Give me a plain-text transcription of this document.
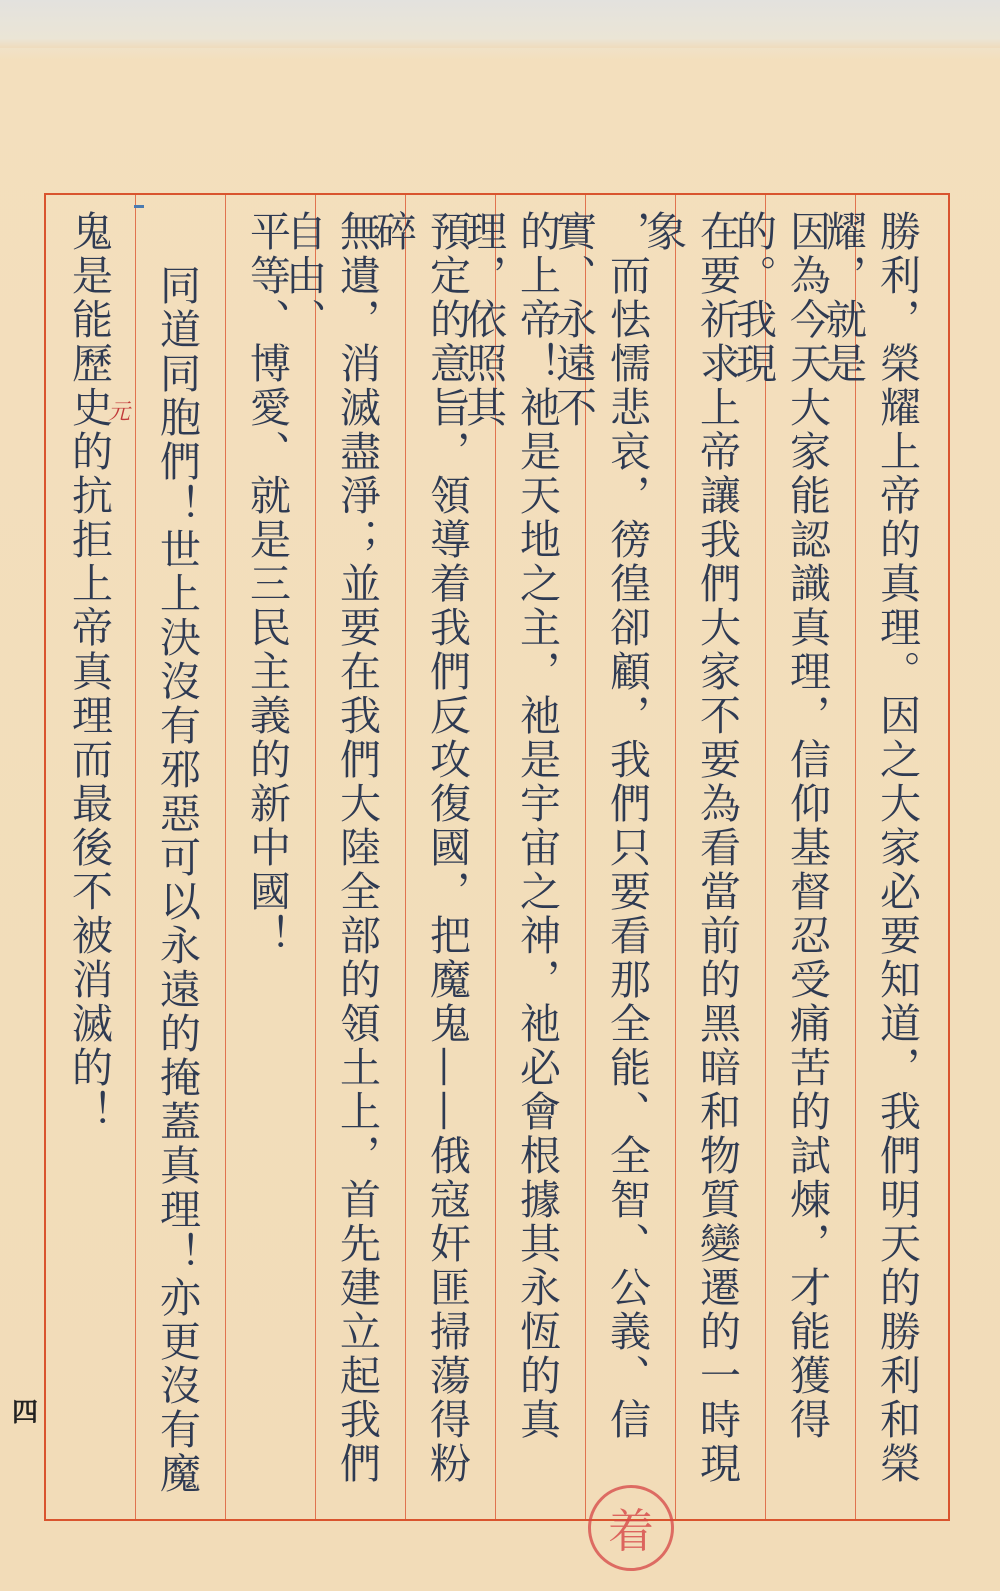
勝利，榮耀上帝的真理。因之大家必要知道，我們明天的勝利和榮耀，就是
因為今天大家能認識真理，信仰基督忍受痛苦的試煉，才能獲得的。我現
在要祈求上帝讓我們大家不要為看當前的黑暗和物質變遷的一時現象
，而怯懦悲哀，徬徨卻顧，我們只要看那全能、全智、公義、信實、永遠不
的上帝！祂是天地之主，祂是宇宙之神，祂必會根據其永恆的真理，依照其
預定的意旨，領導着我們反攻復國，把魔鬼——俄寇奸匪掃蕩得粉碎
無遺，消滅盡淨；並要在我們大陸全部的領土上，首先建立起我們自由、
平等、博愛、就是三民主義的新中國！
同道同胞們！世上決沒有邪惡可以永遠的掩蓋真理！亦更沒有魔
鬼是能歷史的抗拒上帝真理而最後不被消滅的！
元
四
着
